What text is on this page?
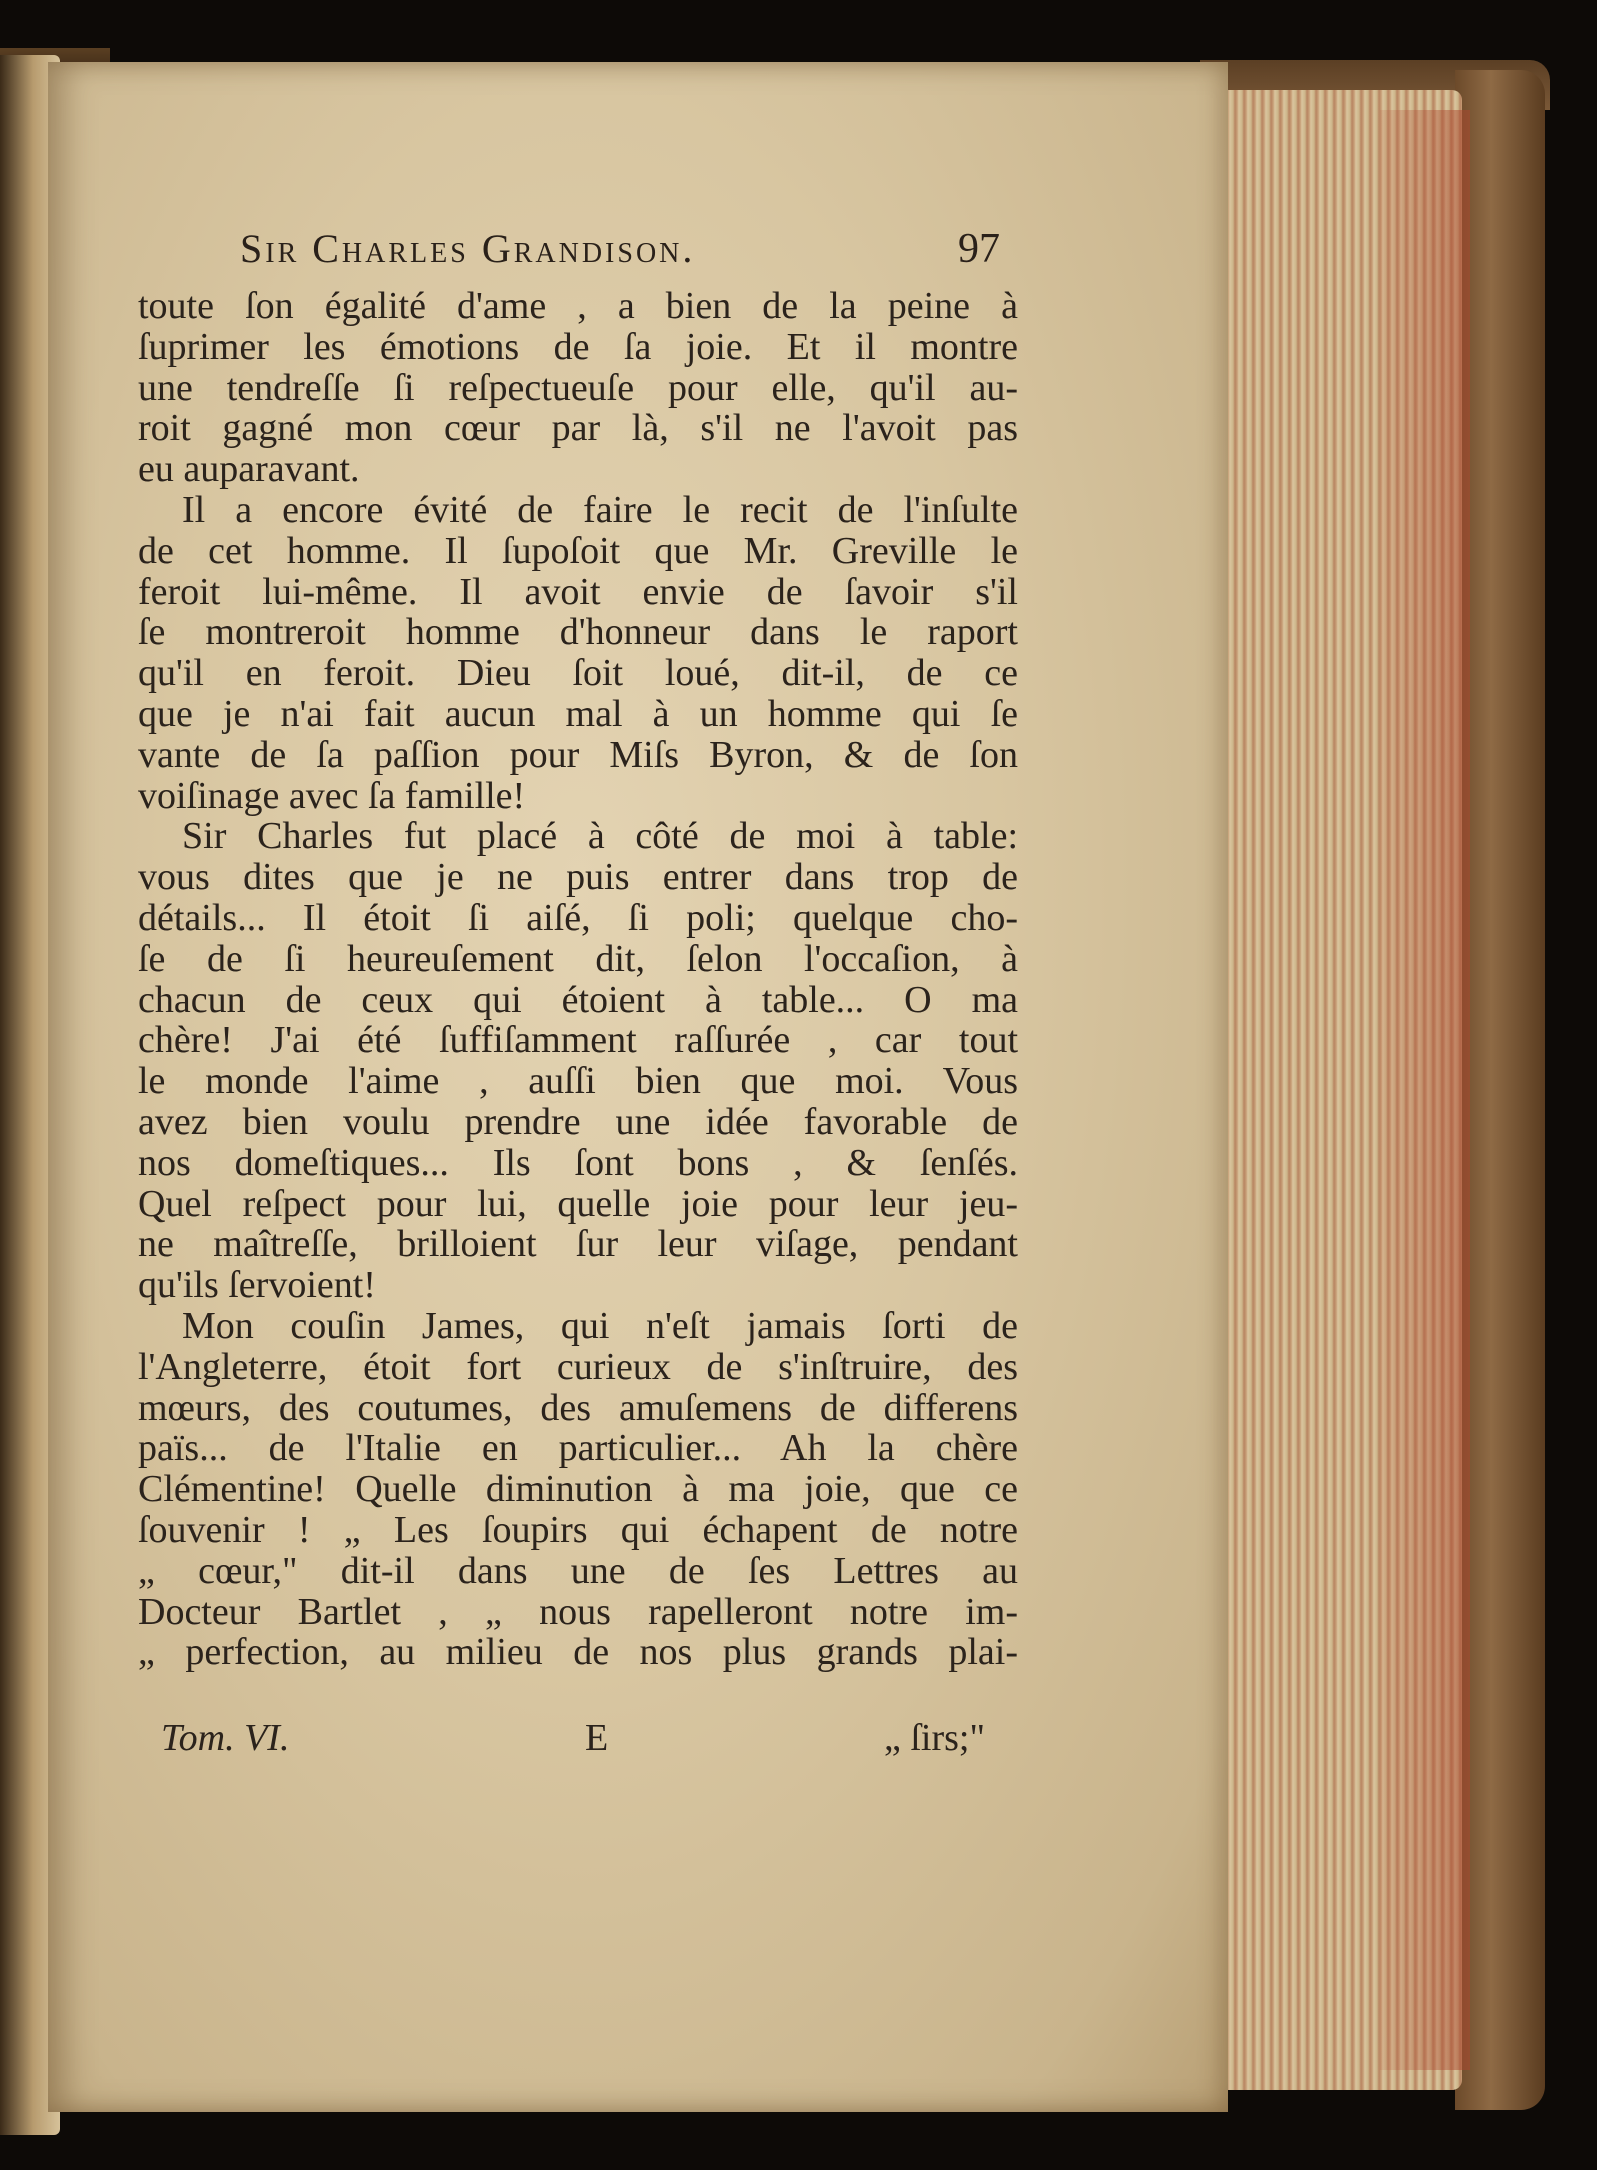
Sir Charles Grandison.	97
toute ſon égalité d'ame , a bien de la peine à
ſuprimer les émotions de ſa joie. Et il montre
une tendreſſe ſi reſpectueuſe pour elle, qu'il au-
roit gagné mon cœur par là, s'il ne l'avoit pas
eu auparavant.
Il a encore évité de faire le recit de l'inſulte
de cet homme. Il ſupoſoit que Mr. Greville le
feroit lui-même. Il avoit envie de ſavoir s'il
ſe montreroit homme d'honneur dans le raport
qu'il en feroit. Dieu ſoit loué, dit-il, de ce
que je n'ai fait aucun mal à un homme qui ſe
vante de ſa paſſion pour Miſs Byron, & de ſon
voiſinage avec ſa famille!
Sir Charles fut placé à côté de moi à table:
vous dites que je ne puis entrer dans trop de
détails... Il étoit ſi aiſé, ſi poli; quelque cho-
ſe de ſi heureuſement dit, ſelon l'occaſion, à
chacun de ceux qui étoient à table... O ma
chère! J'ai été ſuffiſamment raſſurée , car tout
le monde l'aime , auſſi bien que moi. Vous
avez bien voulu prendre une idée favorable de
nos domeſtiques... Ils ſont bons , & ſenſés.
Quel reſpect pour lui, quelle joie pour leur jeu-
ne maîtreſſe, brilloient ſur leur viſage, pendant
qu'ils ſervoient!
Mon couſin James, qui n'eſt jamais ſorti de
l'Angleterre, étoit fort curieux de s'inſtruire, des
mœurs, des coutumes, des amuſemens de differens
païs... de l'Italie en particulier... Ah la chère
Clémentine! Quelle diminution à ma joie, que ce
ſouvenir ! „ Les ſoupirs qui échapent de notre
„ cœur," dit-il dans une de ſes Lettres au
Docteur Bartlet , „ nous rapelleront notre im-
„ perfection, au milieu de nos plus grands plai-
Tom. VI.	E	„ ſirs;"
